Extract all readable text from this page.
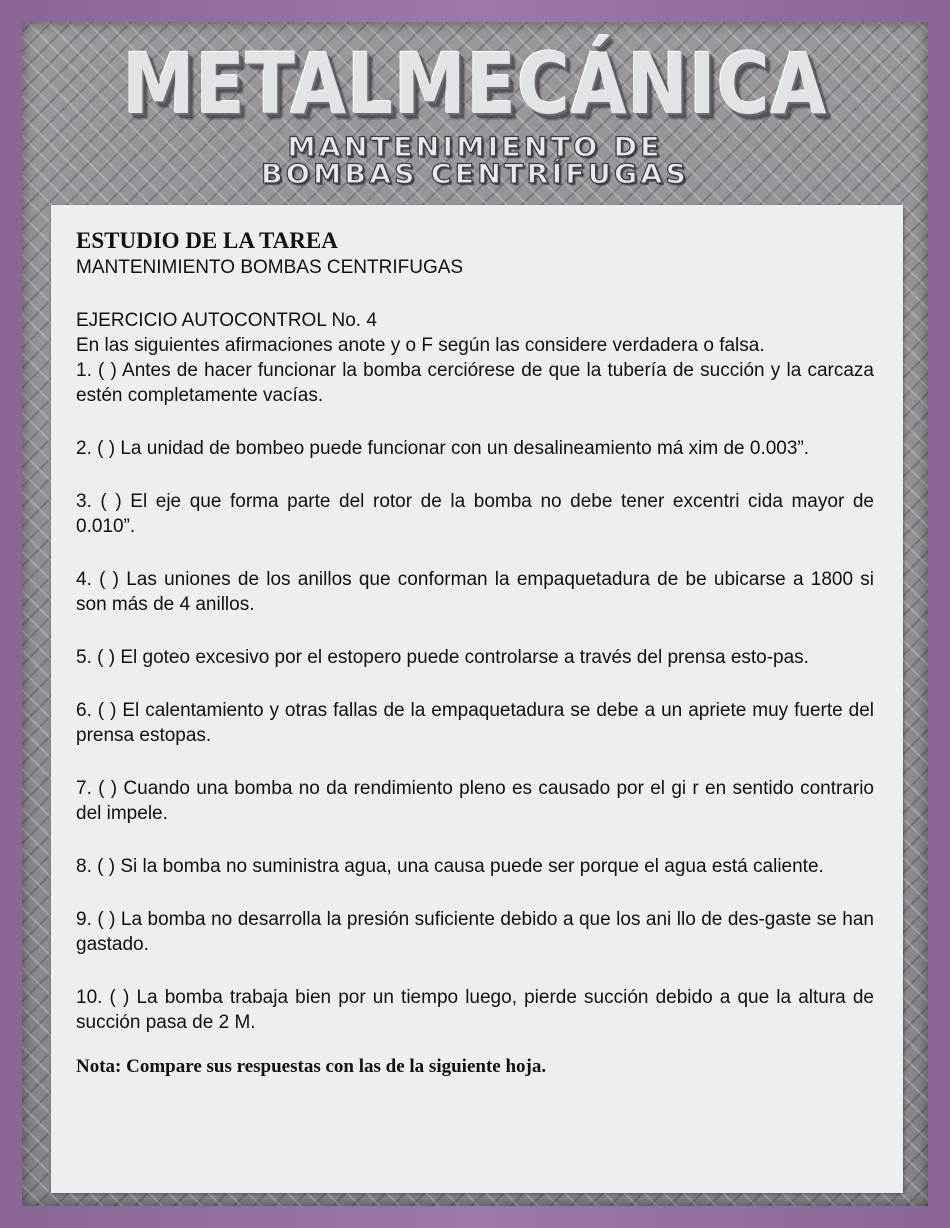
METALMECÁNICA
MANTENIMIENTO DE
BOMBAS CENTRÍFUGAS

ESTUDIO DE LA TAREA

MANTENIMIENTO BOMBAS CENTRIFUGAS

EJERCICIO AUTOCONTROL No. 4

En las siguientes afirmaciones anote y o F según las considere verdadera o falsa.

1. ( ) Antes de hacer funcionar la bomba cerciórese de que la tubería de succión y la carcaza estén completamente vacías.

2. ( ) La unidad de bombeo puede funcionar con un desalineamiento má xim de 0.003”.

3. ( ) El eje que forma parte del rotor de la bomba no debe tener excentri cida mayor de 0.010”.

4. ( ) Las uniones de los anillos que conforman la empaquetadura de be ubicarse a 1800 si son más de 4 anillos.

5. ( ) El goteo excesivo por el estopero puede controlarse a través del prensa esto-pas.

6. ( ) El calentamiento y otras fallas de la empaquetadura se debe a un apriete muy fuerte del prensa estopas.

7. ( ) Cuando una bomba no da rendimiento pleno es causado por el gi r en sentido contrario del impele.

8. ( ) Si la bomba no suministra agua, una causa puede ser porque el agua está caliente.

9. ( ) La bomba no desarrolla la presión suficiente debido a que los ani llo de des-gaste se han gastado.

10. ( ) La bomba trabaja bien por un tiempo luego, pierde succión debido a que la altura de succión pasa de 2 M.

Nota: Compare sus respuestas con las de la siguiente hoja.
